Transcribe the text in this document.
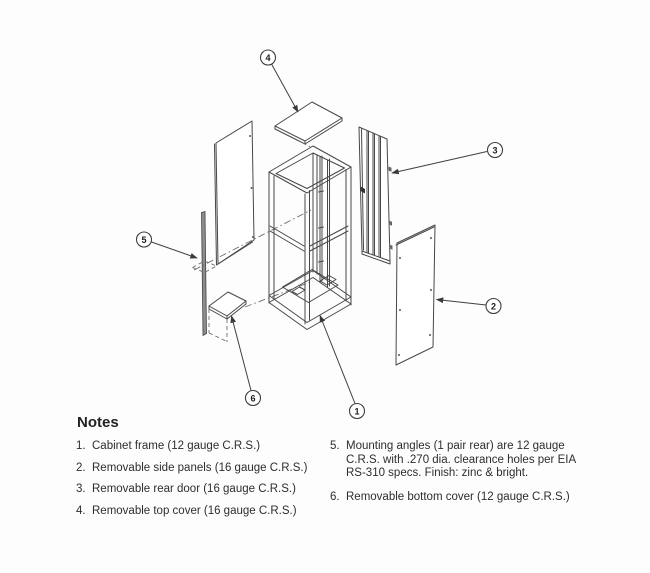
1
2
3
4
5
6
Notes
1. Cabinet frame (12 gauge C.R.S.)
2. Removable side panels (16 gauge C.R.S.)
3. Removable rear door (16 gauge C.R.S.)
4. Removable top cover (16 gauge C.R.S.)
5. Mounting angles (1 pair rear) are 12 gauge C.R.S. with .270 dia. clearance holes per EIA RS-310 specs. Finish: zinc & bright.
6. Removable bottom cover (12 gauge C.R.S.)
